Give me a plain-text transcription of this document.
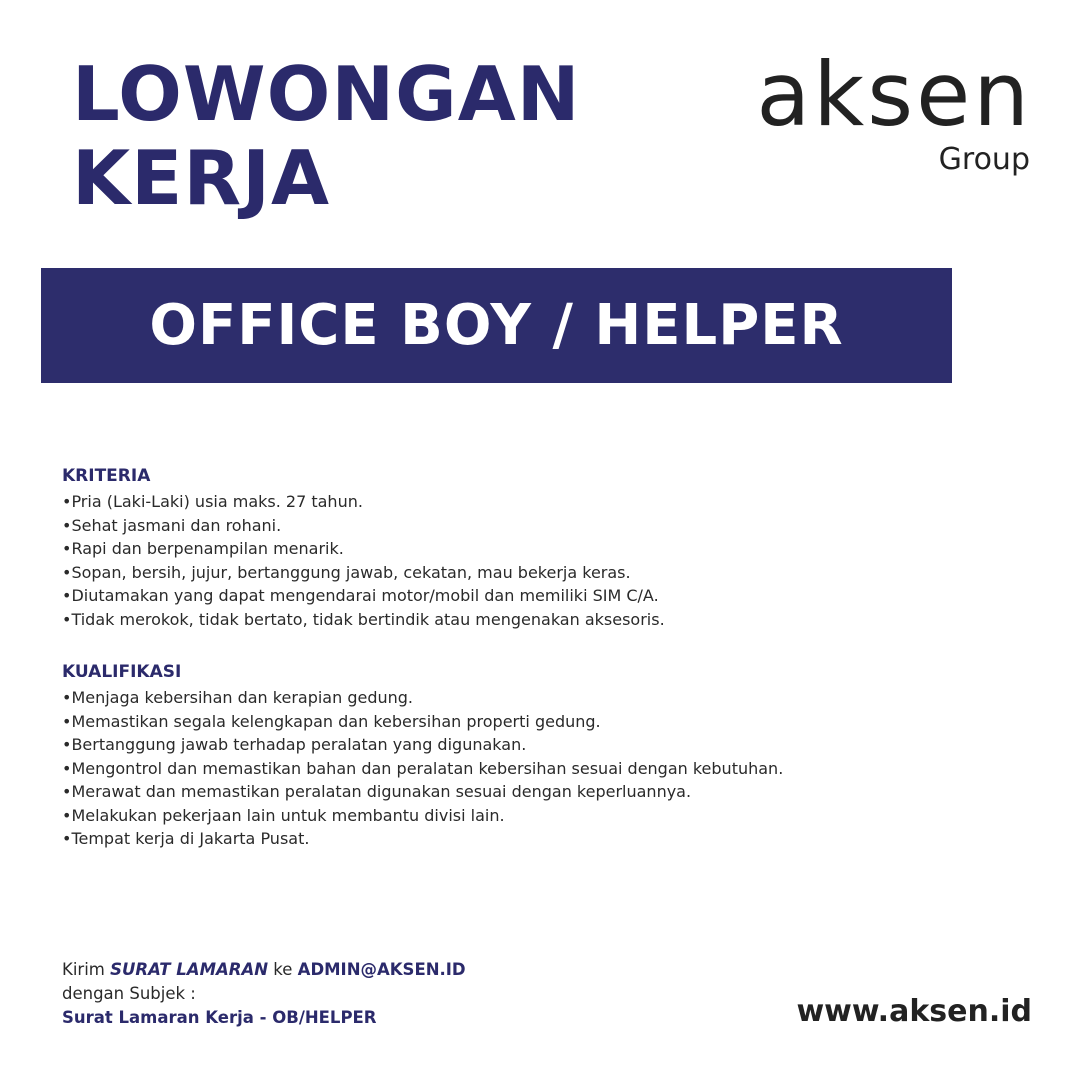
LOWONGAN
KERJA
aksen
Group
OFFICE BOY / HELPER
KRITERIA
•Pria (Laki-Laki) usia maks. 27 tahun.
•Sehat jasmani dan rohani.
•Rapi dan berpenampilan menarik.
•Sopan, bersih, jujur, bertanggung jawab, cekatan, mau bekerja keras.
•Diutamakan yang dapat mengendarai motor/mobil dan memiliki SIM C/A.
•Tidak merokok, tidak bertato, tidak bertindik atau mengenakan aksesoris.
KUALIFIKASI
•Menjaga kebersihan dan kerapian gedung.
•Memastikan segala kelengkapan dan kebersihan properti gedung.
•Bertanggung jawab terhadap peralatan yang digunakan.
•Mengontrol dan memastikan bahan dan peralatan kebersihan sesuai dengan kebutuhan.
•Merawat dan memastikan peralatan digunakan sesuai dengan keperluannya.
•Melakukan pekerjaan lain untuk membantu divisi lain.
•Tempat kerja di Jakarta Pusat.
Kirim SURAT LAMARAN ke ADMIN@AKSEN.ID
dengan Subjek :
Surat Lamaran Kerja - OB/HELPER	www.aksen.id
